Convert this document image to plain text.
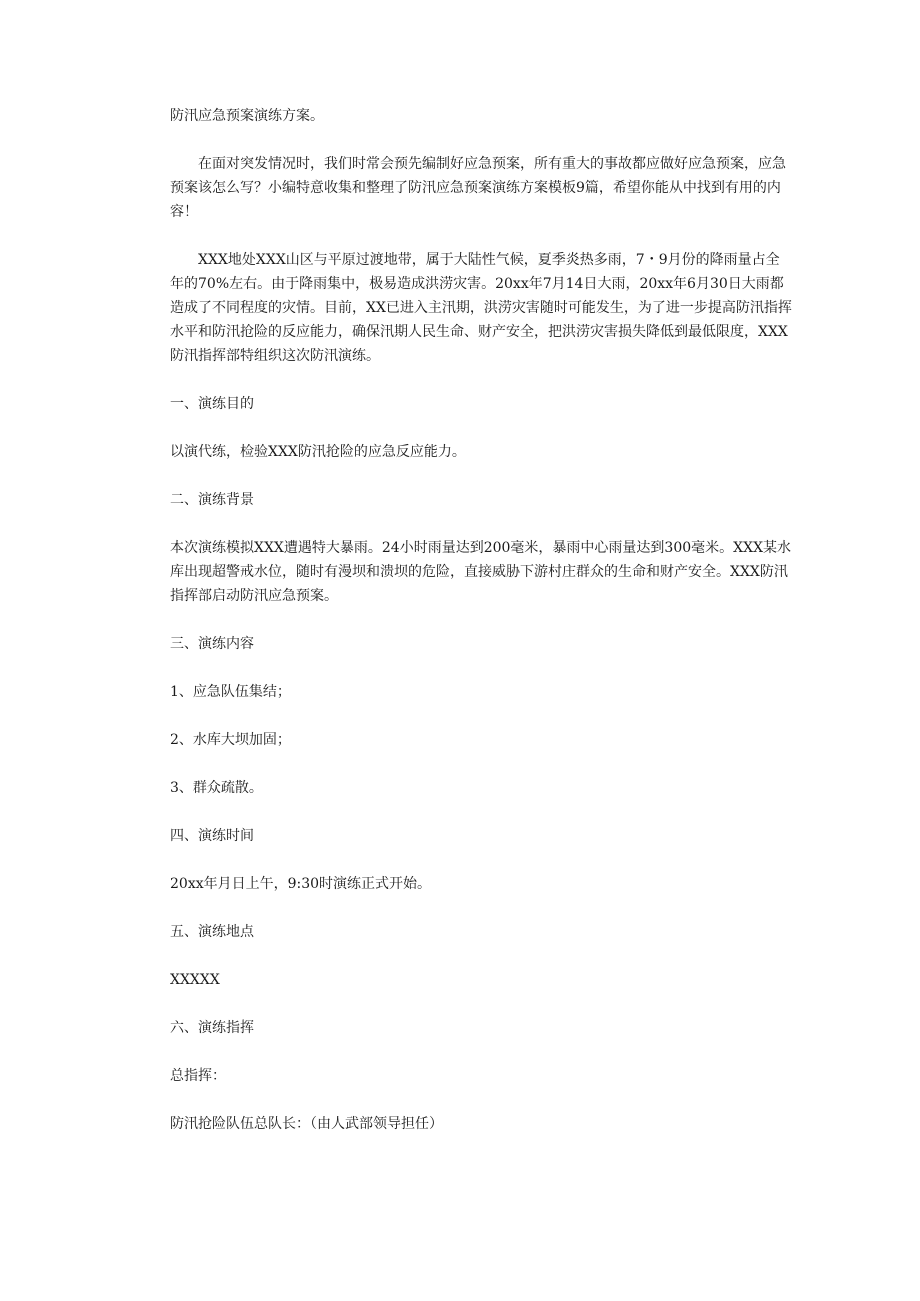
防汛应急预案演练方案。

在面对突发情况时，我们时常会预先编制好应急预案，所有重大的事故都应做好应急预案，应急预案该怎么写？小编特意收集和整理了防汛应急预案演练方案模板9篇，希望你能从中找到有用的内容！

XXX地处XXX山区与平原过渡地带，属于大陆性气候，夏季炎热多雨，7・9月份的降雨量占全年的70%左右。由于降雨集中，极易造成洪涝灾害。20xx年7月14日大雨，20xx年6月30日大雨都造成了不同程度的灾情。目前，XX已进入主汛期，洪涝灾害随时可能发生，为了进一步提高防汛指挥水平和防汛抢险的反应能力，确保汛期人民生命、财产安全，把洪涝灾害损失降低到最低限度，XXX防汛指挥部特组织这次防汛演练。

一、演练目的

以演代练，检验XXX防汛抢险的应急反应能力。

二、演练背景

本次演练模拟XXX遭遇特大暴雨。24小时雨量达到200毫米，暴雨中心雨量达到300毫米。XXX某水库出现超警戒水位，随时有漫坝和溃坝的危险，直接威胁下游村庄群众的生命和财产安全。XXX防汛指挥部启动防汛应急预案。

三、演练内容

1、应急队伍集结；

2、水库大坝加固；

3、群众疏散。

四、演练时间

20xx年月日上午，9:30时演练正式开始。

五、演练地点

XXXXX

六、演练指挥

总指挥：

防汛抢险队伍总队长：（由人武部领导担任）
